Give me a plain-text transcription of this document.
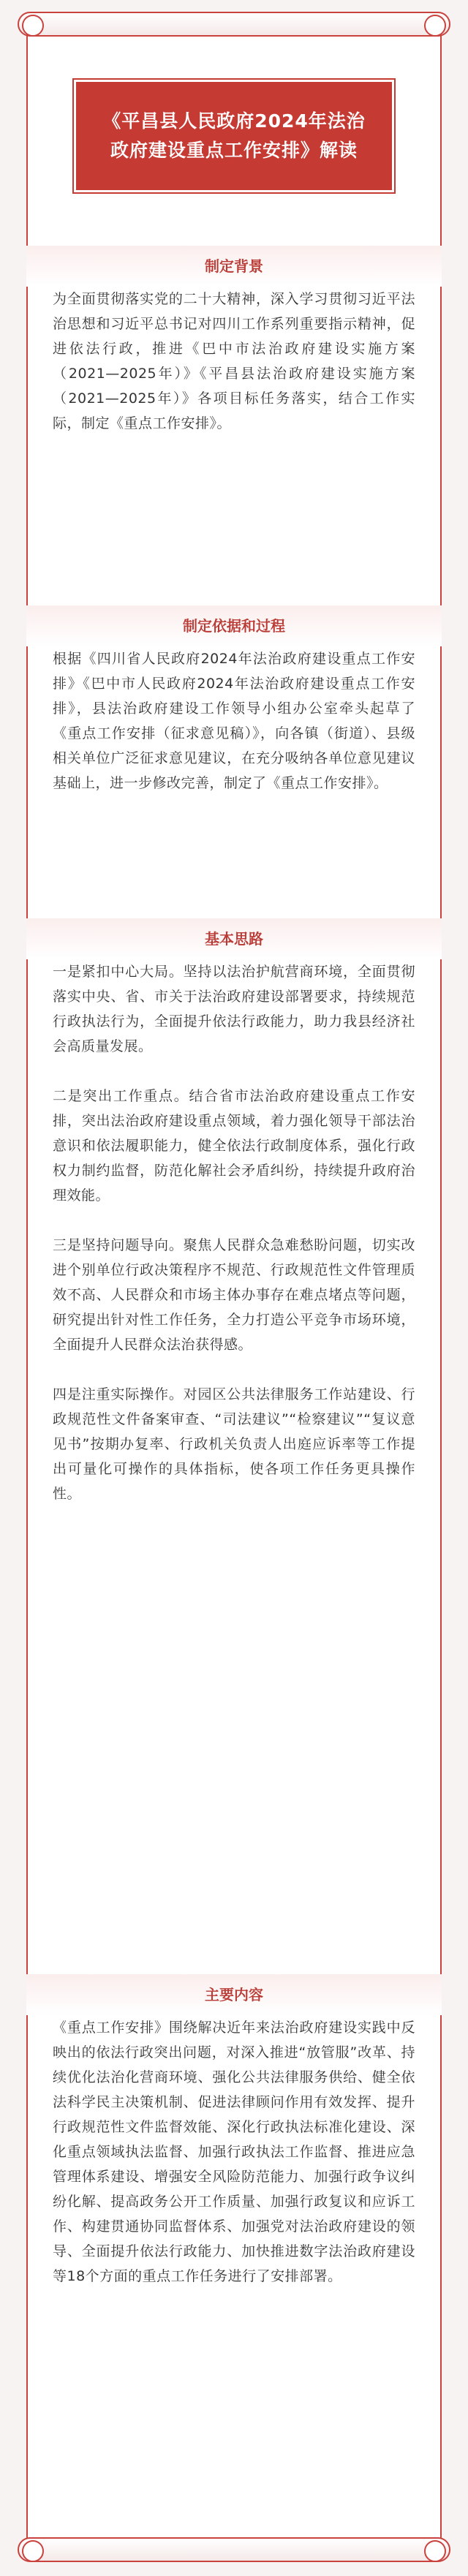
《平昌县人民政府2024年法治政府建设重点工作安排》解读
制定背景

为全面贯彻落实党的二十大精神，深入学习贯彻习近平法治思想和习近平总书记对四川工作系列重要指示精神，促进依法行政，推进《巴中市法治政府建设实施方案（2021—2025年）》《平昌县法治政府建设实施方案（2021—2025年）》各项目标任务落实，结合工作实际，制定《重点工作安排》。

制定依据和过程

根据《四川省人民政府2024年法治政府建设重点工作安排》《巴中市人民政府2024年法治政府建设重点工作安排》，县法治政府建设工作领导小组办公室牵头起草了《重点工作安排（征求意见稿）》，向各镇（街道）、县级相关单位广泛征求意见建议，在充分吸纳各单位意见建议基础上，进一步修改完善，制定了《重点工作安排》。

基本思路

一是紧扣中心大局。坚持以法治护航营商环境，全面贯彻落实中央、省、市关于法治政府建设部署要求，持续规范行政执法行为，全面提升依法行政能力，助力我县经济社会高质量发展。

二是突出工作重点。结合省市法治政府建设重点工作安排，突出法治政府建设重点领域，着力强化领导干部法治意识和依法履职能力，健全依法行政制度体系，强化行政权力制约监督，防范化解社会矛盾纠纷，持续提升政府治理效能。

三是坚持问题导向。聚焦人民群众急难愁盼问题，切实改进个别单位行政决策程序不规范、行政规范性文件管理质效不高、人民群众和市场主体办事存在难点堵点等问题，研究提出针对性工作任务，全力打造公平竞争市场环境，全面提升人民群众法治获得感。

四是注重实际操作。对园区公共法律服务工作站建设、行政规范性文件备案审查、“司法建议”“检察建议”“复议意见书”按期办复率、行政机关负责人出庭应诉率等工作提出可量化可操作的具体指标，使各项工作任务更具操作性。

主要内容

《重点工作安排》围绕解决近年来法治政府建设实践中反映出的依法行政突出问题，对深入推进“放管服”改革、持续优化法治化营商环境、强化公共法律服务供给、健全依法科学民主决策机制、促进法律顾问作用有效发挥、提升行政规范性文件监督效能、深化行政执法标准化建设、深化重点领域执法监督、加强行政执法工作监督、推进应急管理体系建设、增强安全风险防范能力、加强行政争议纠纷化解、提高政务公开工作质量、加强行政复议和应诉工作、构建贯通协同监督体系、加强党对法治政府建设的领导、全面提升依法行政能力、加快推进数字法治政府建设等18个方面的重点工作任务进行了安排部署。
